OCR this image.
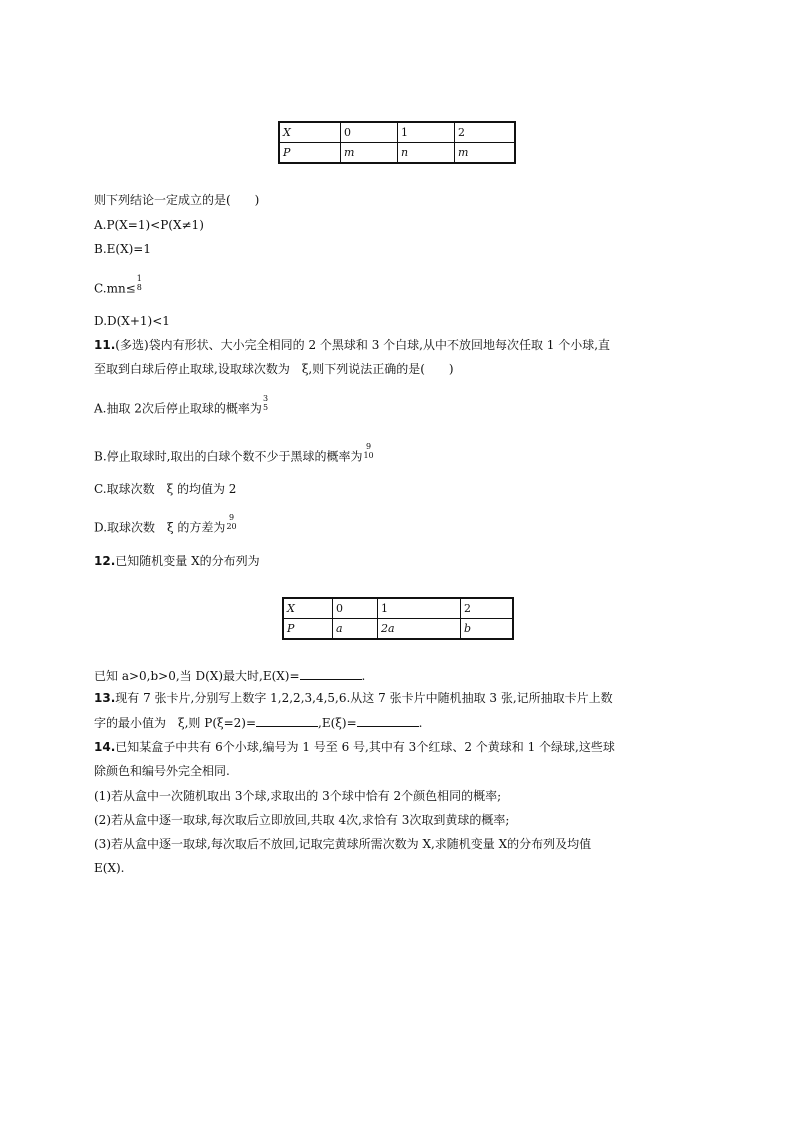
X	0	1	2
P	m	n	m
则下列结论一定成立的是(　　)
A.P(X=1)<P(X≠1)
B.E(X)=1
C.mn≤
1
8
D.D(X+1)<1
11.(多选)袋内有形状、大小完全相同的 2 个黑球和 3 个白球,从中不放回地每次任取 1 个小球,直
至取到白球后停止取球,设取球次数为　ξ,则下列说法正确的是(　　)
A.抽取 2次后停止取球的概率为
3
5
B.停止取球时,取出的白球个数不少于黑球的概率为
9
10
C.取球次数　ξ 的均值为 2
D.取球次数　ξ 的方差为
9
20
12.已知随机变量 X的分布列为
X	0	1	2
P	a	2a	b
已知 a>0,b>0,当 D(X)最大时,E(X)=	.
13.现有 7 张卡片,分别写上数字 1,2,2,3,4,5,6.从这 7 张卡片中随机抽取 3 张,记所抽取卡片上数
字的最小值为　ξ,则 P(ξ=2)=	,E(ξ)=	.
14.已知某盒子中共有 6个小球,编号为 1 号至 6 号,其中有 3个红球、2 个黄球和 1 个绿球,这些球
除颜色和编号外完全相同.
(1)若从盒中一次随机取出 3个球,求取出的 3个球中恰有 2个颜色相同的概率;
(2)若从盒中逐一取球,每次取后立即放回,共取 4次,求恰有 3次取到黄球的概率;
(3)若从盒中逐一取球,每次取后不放回,记取完黄球所需次数为 X,求随机变量 X的分布列及均值
E(X).
